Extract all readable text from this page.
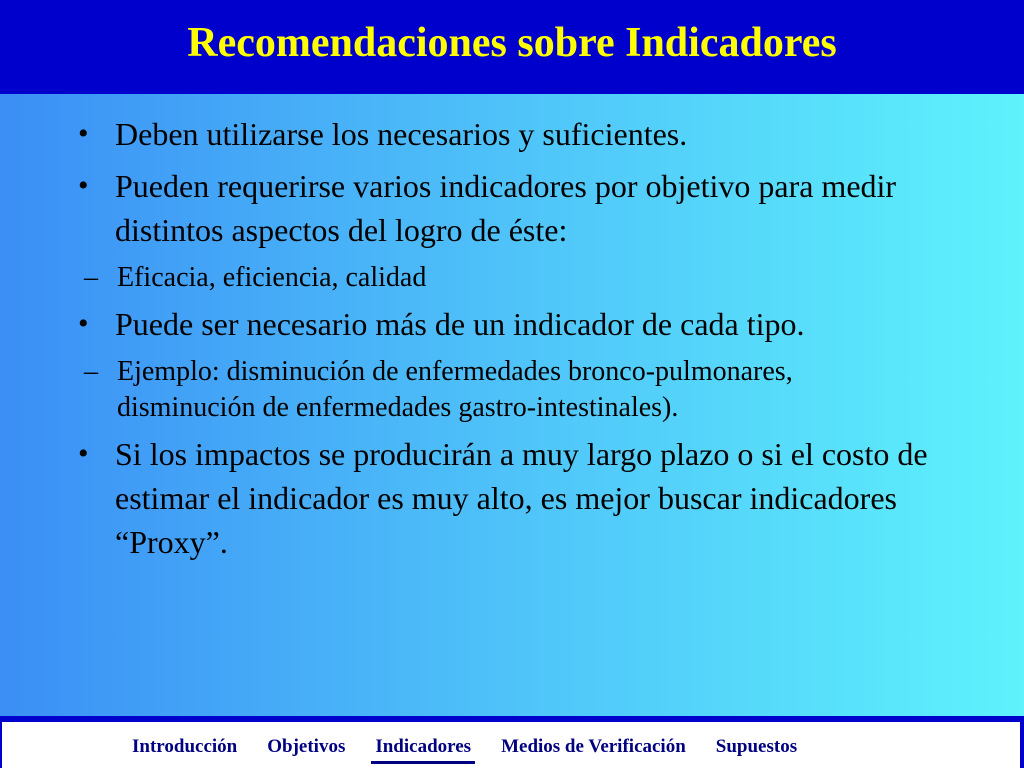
Recomendaciones sobre Indicadores
• Deben utilizarse los necesarios y suficientes.
• Pueden requerirse varios indicadores por objetivo para medir distintos aspectos del logro de éste:
– Eficacia, eficiencia, calidad
• Puede ser necesario más de un indicador de cada tipo.
– Ejemplo: disminución de enfermedades bronco-pulmonares, disminución de enfermedades gastro-intestinales).
• Si los impactos se producirán a muy largo plazo o si el costo de estimar el indicador es muy alto, es mejor buscar indicadores “Proxy”.
Introducción Objetivos Indicadores Medios de Verificación Supuestos
